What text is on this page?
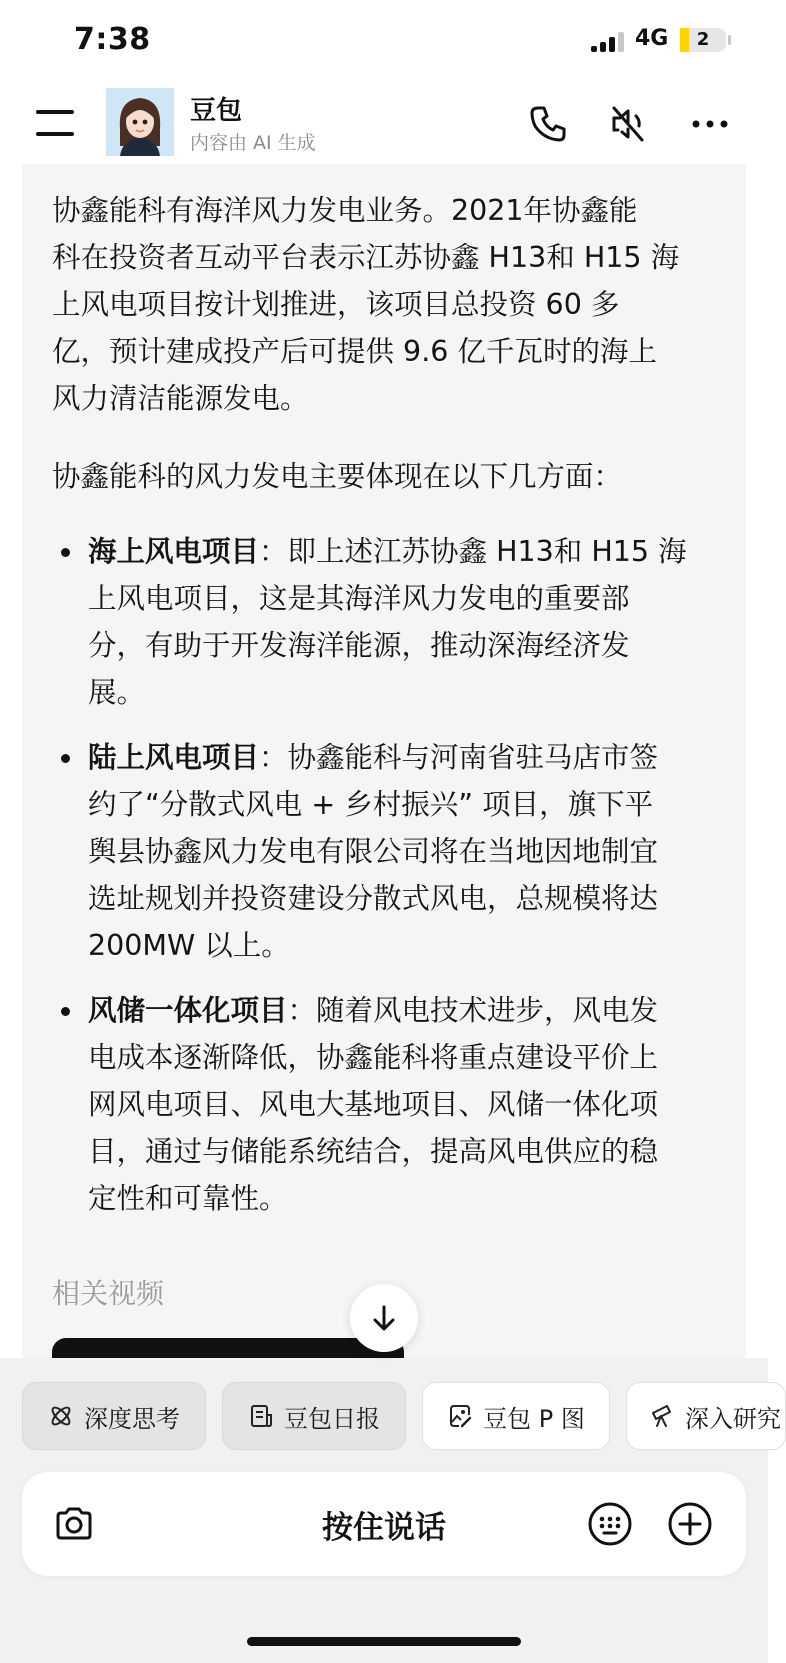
7:38	4G	2
豆包
内容由 AI 生成

协鑫能科有海洋风力发电业务。2021年协鑫能
科在投资者互动平台表示江苏协鑫 H13和 H15 海
上风电项目按计划推进，该项目总投资 60 多
亿，预计建成投产后可提供 9.6 亿千瓦时的海上
风力清洁能源发电。

协鑫能科的风力发电主要体现在以下几方面：

海上风电项目：即上述江苏协鑫 H13和 H15 海
上风电项目，这是其海洋风力发电的重要部
分，有助于开发海洋能源，推动深海经济发
展。
陆上风电项目：协鑫能科与河南省驻马店市签
约了“分散式风电 + 乡村振兴” 项目，旗下平
舆县协鑫风力发电有限公司将在当地因地制宜
选址规划并投资建设分散式风电，总规模将达
200MW 以上。
风储一体化项目：随着风电技术进步，风电发
电成本逐渐降低，协鑫能科将重点建设平价上
网风电项目、风电大基地项目、风储一体化项
目，通过与储能系统结合，提高风电供应的稳
定性和可靠性。
相关视频
深度思考	豆包日报	豆包 P 图	深入研究
按住说话
